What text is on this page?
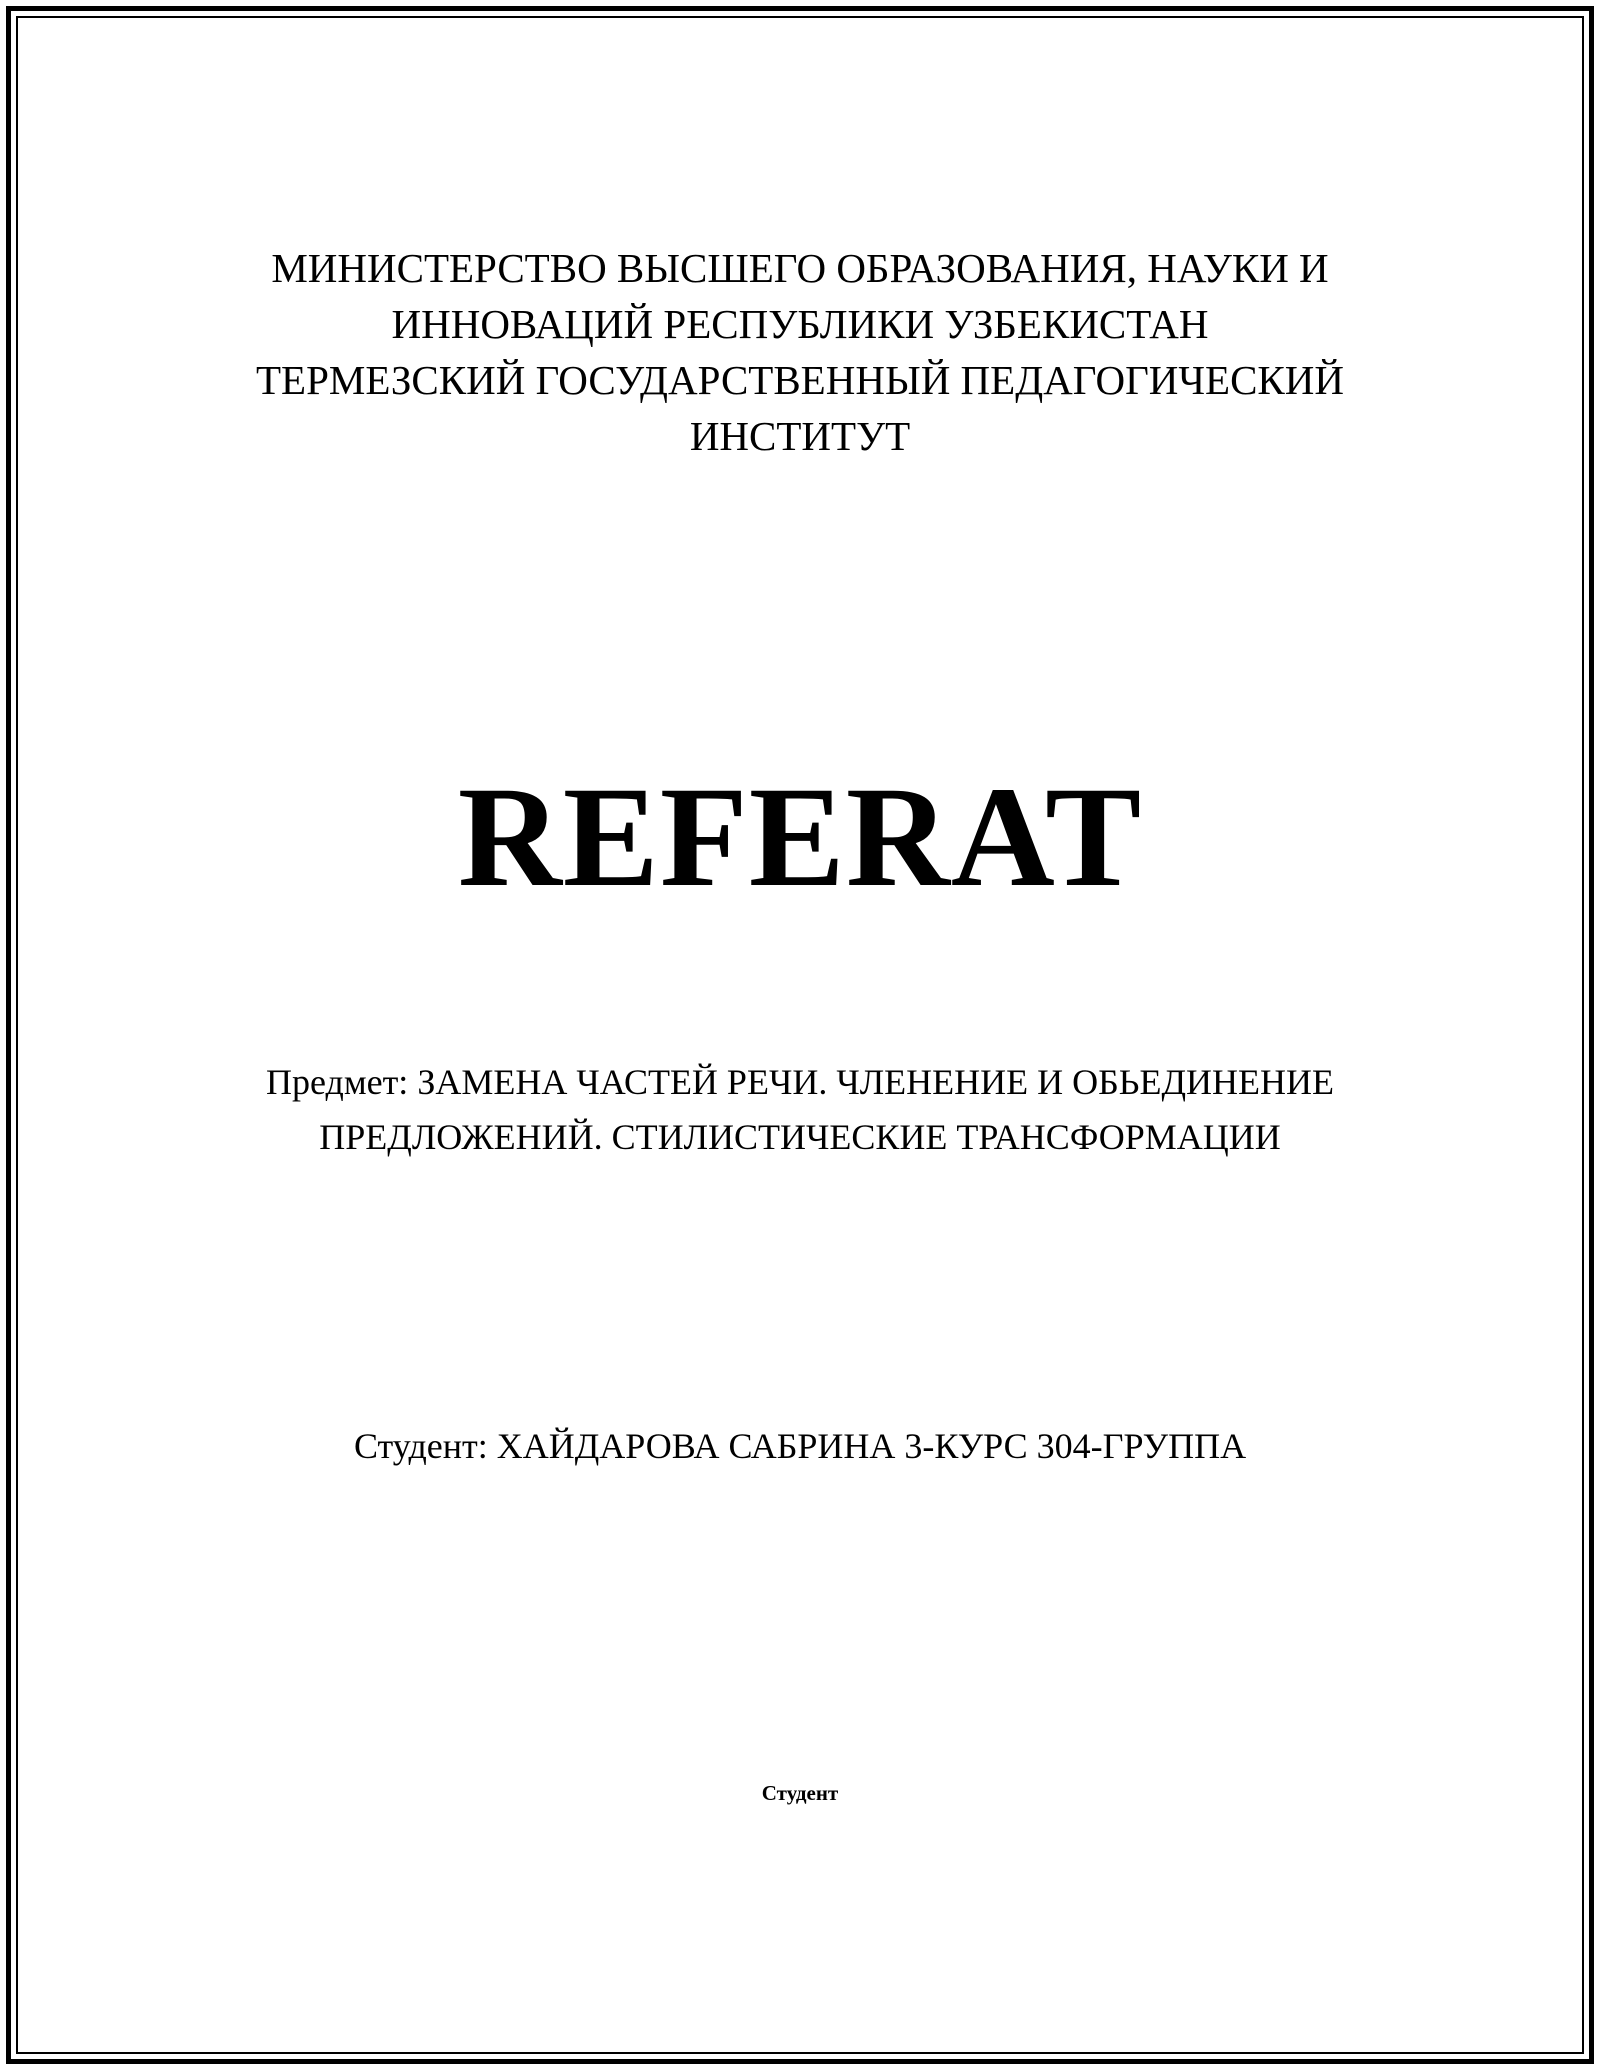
МИНИСТЕРСТВО ВЫСШЕГО ОБРАЗОВАНИЯ, НАУКИ И
ИННОВАЦИЙ РЕСПУБЛИКИ УЗБЕКИСТАН
ТЕРМЕЗСКИЙ ГОСУДАРСТВЕННЫЙ ПЕДАГОГИЧЕСКИЙ
ИНСТИТУТ
REFERAT
Предмет: ЗАМЕНА ЧАСТЕЙ РЕЧИ. ЧЛЕНЕНИЕ И ОБЬЕДИНЕНИЕ
ПРЕДЛОЖЕНИЙ. СТИЛИСТИЧЕСКИЕ ТРАНСФОРМАЦИИ
Студент: ХАЙДАРОВА САБРИНА 3-КУРС 304-ГРУППА
Студент
